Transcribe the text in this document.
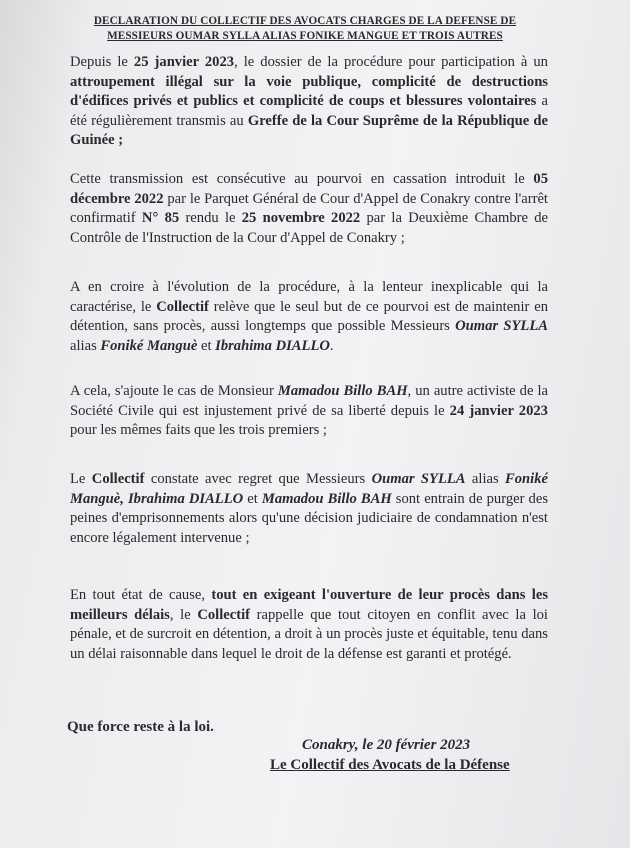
DECLARATION DU COLLECTIF DES AVOCATS CHARGES DE LA DEFENSE DE
MESSIEURS OUMAR SYLLA ALIAS FONIKE MANGUE ET TROIS AUTRES
Depuis le 25 janvier 2023, le dossier de la procédure pour participation à un attroupement illégal sur la voie publique, complicité de destructions d'édifices privés et publics et complicité de coups et blessures volontaires a été régulièrement transmis au Greffe de la Cour Suprême de la République de Guinée ;
Cette transmission est consécutive au pourvoi en cassation introduit le 05 décembre 2022 par le Parquet Général de Cour d'Appel de Conakry contre l'arrêt confirmatif N° 85 rendu le 25 novembre 2022 par la Deuxième Chambre de Contrôle de l'Instruction de la Cour d'Appel de Conakry ;
A en croire à l'évolution de la procédure, à la lenteur inexplicable qui la caractérise, le Collectif relève que le seul but de ce pourvoi est de maintenir en détention, sans procès, aussi longtemps que possible Messieurs Oumar SYLLA alias Foniké Manguè et Ibrahima DIALLO.
A cela, s'ajoute le cas de Monsieur Mamadou Billo BAH, un autre activiste de la Société Civile qui est injustement privé de sa liberté depuis le 24 janvier 2023 pour les mêmes faits que les trois premiers ;
Le Collectif constate avec regret que Messieurs Oumar SYLLA alias Foniké Manguè, Ibrahima DIALLO et Mamadou Billo BAH sont entrain de purger des peines d'emprisonnements alors qu'une décision judiciaire de condamnation n'est encore légalement intervenue ;
En tout état de cause, tout en exigeant l'ouverture de leur procès dans les meilleurs délais, le Collectif rappelle que tout citoyen en conflit avec la loi pénale, et de surcroit en détention, a droit à un procès juste et équitable, tenu dans un délai raisonnable dans lequel le droit de la défense est garanti et protégé.
Que force reste à la loi.
Conakry, le 20 février 2023
Le Collectif des Avocats de la Défense
